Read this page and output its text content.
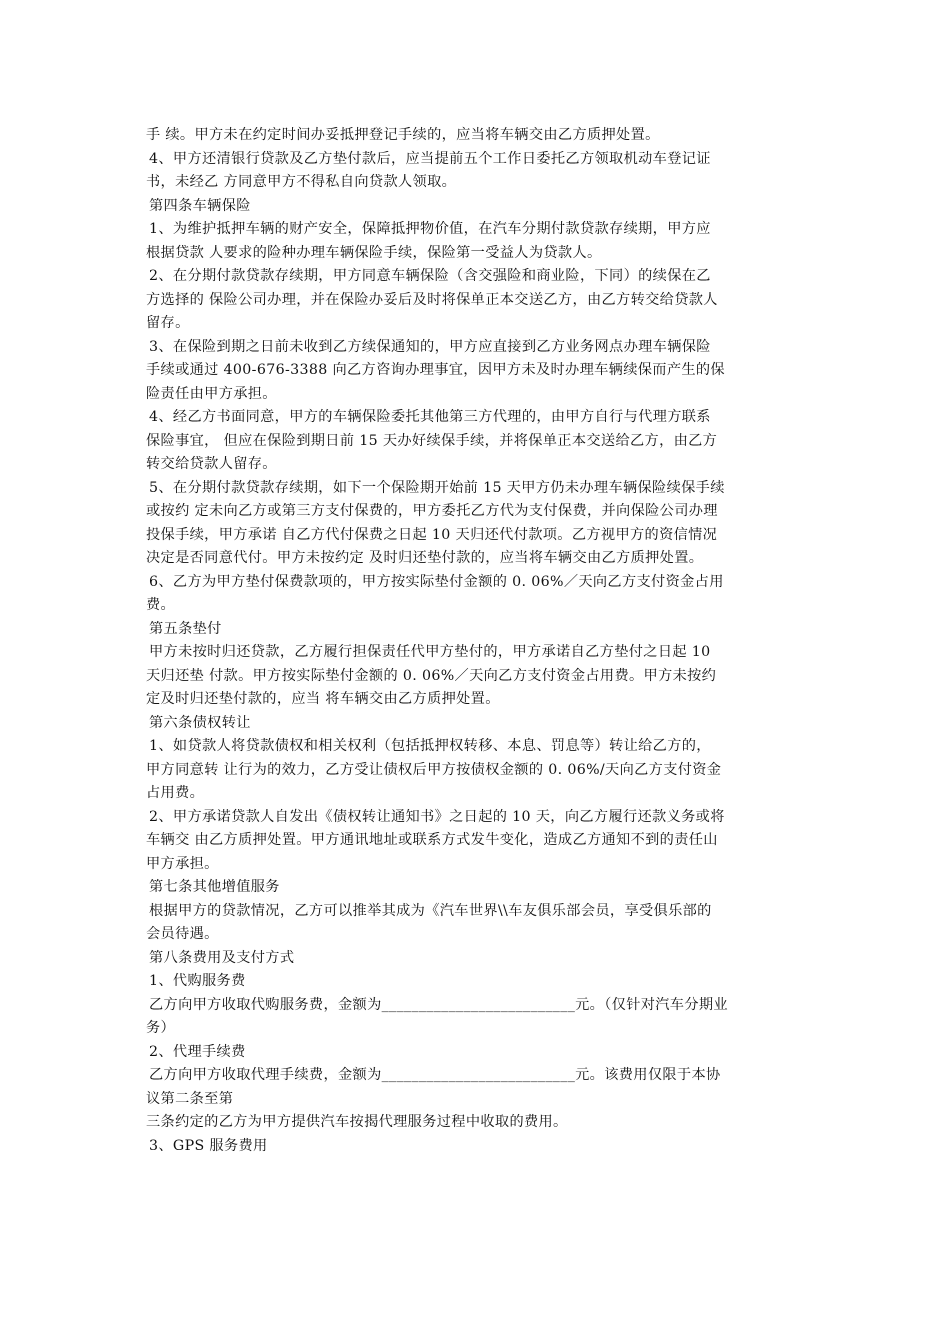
手 续。甲方未在约定时间办妥抵押登记手续的，应当将车辆交由乙方质押处置。
4、甲方还清银行贷款及乙方垫付款后，应当提前五个工作日委托乙方领取机动车登记证
书，未经乙 方同意甲方不得私自向贷款人领取。
第四条车辆保险
1、为维护抵押车辆的财产安全，保障抵押物价值，在汽车分期付款贷款存续期，甲方应
根据贷款 人要求的险种办理车辆保险手续，保险第一受益人为贷款人。
2、在分期付款贷款存续期，甲方同意车辆保险（含交强险和商业险，下同）的续保在乙
方选择的 保险公司办理，并在保险办妥后及时将保单正本交送乙方，由乙方转交给贷款人
留存。
3、在保险到期之日前未收到乙方续保通知的，甲方应直接到乙方业务网点办理车辆保险
手续或通过 400-676-3388 向乙方咨询办理事宜，因甲方未及时办理车辆续保而产生的保
险责任由甲方承担。
4、经乙方书面同意，甲方的车辆保险委托其他第三方代理的，由甲方自行与代理方联系
保险事宜， 但应在保险到期日前 15 天办好续保手续，并将保单正本交送给乙方，由乙方
转交给贷款人留存。
5、在分期付款贷款存续期，如下一个保险期开始前 15 天甲方仍未办理车辆保险续保手续
或按约 定未向乙方或第三方支付保费的，甲方委托乙方代为支付保费，并向保险公司办理
投保手续，甲方承诺 自乙方代付保费之日起 10 天归还代付款项。乙方视甲方的资信情况
决定是否同意代付。甲方未按约定 及时归还垫付款的，应当将车辆交由乙方质押处置。
6、乙方为甲方垫付保费款项的，甲方按实际垫付金额的 0. 06%／天向乙方支付资金占用
费。
第五条垫付
甲方未按时归还贷款，乙方履行担保责任代甲方垫付的，甲方承诺自乙方垫付之日起 10
天归还垫 付款。甲方按实际垫付金额的 0. 06%／天向乙方支付资金占用费。甲方未按约
定及时归还垫付款的，应当 将车辆交由乙方质押处置。
第六条债权转让
1、如贷款人将贷款债权和相关权利（包括抵押权转移、本息、罚息等）转让给乙方的，
甲方同意转 让行为的效力，乙方受让债权后甲方按债权金额的 0. 06%/天向乙方支付资金
占用费。
2、甲方承诺贷款人自发出《债权转让通知书》之日起的 10 天，向乙方履行还款义务或将
车辆交 由乙方质押处置。甲方通讯地址或联系方式发牛变化，造成乙方通知不到的责任山
甲方承担。
第七条其他增值服务
根据甲方的贷款情况，乙方可以推举其成为《汽车世界\\车友俱乐部会员，享受俱乐部的
会员待遇。
第八条费用及支付方式
1、代购服务费
乙方向甲方收取代购服务费，金额为__________________________元。（仅针对汽车分期业
务）
2、代理手续费
乙方向甲方收取代理手续费，金额为__________________________元。该费用仅限于本协
议第二条至第
三条约定的乙方为甲方提供汽车按揭代理服务过程中收取的费用。
3、GPS 服务费用
